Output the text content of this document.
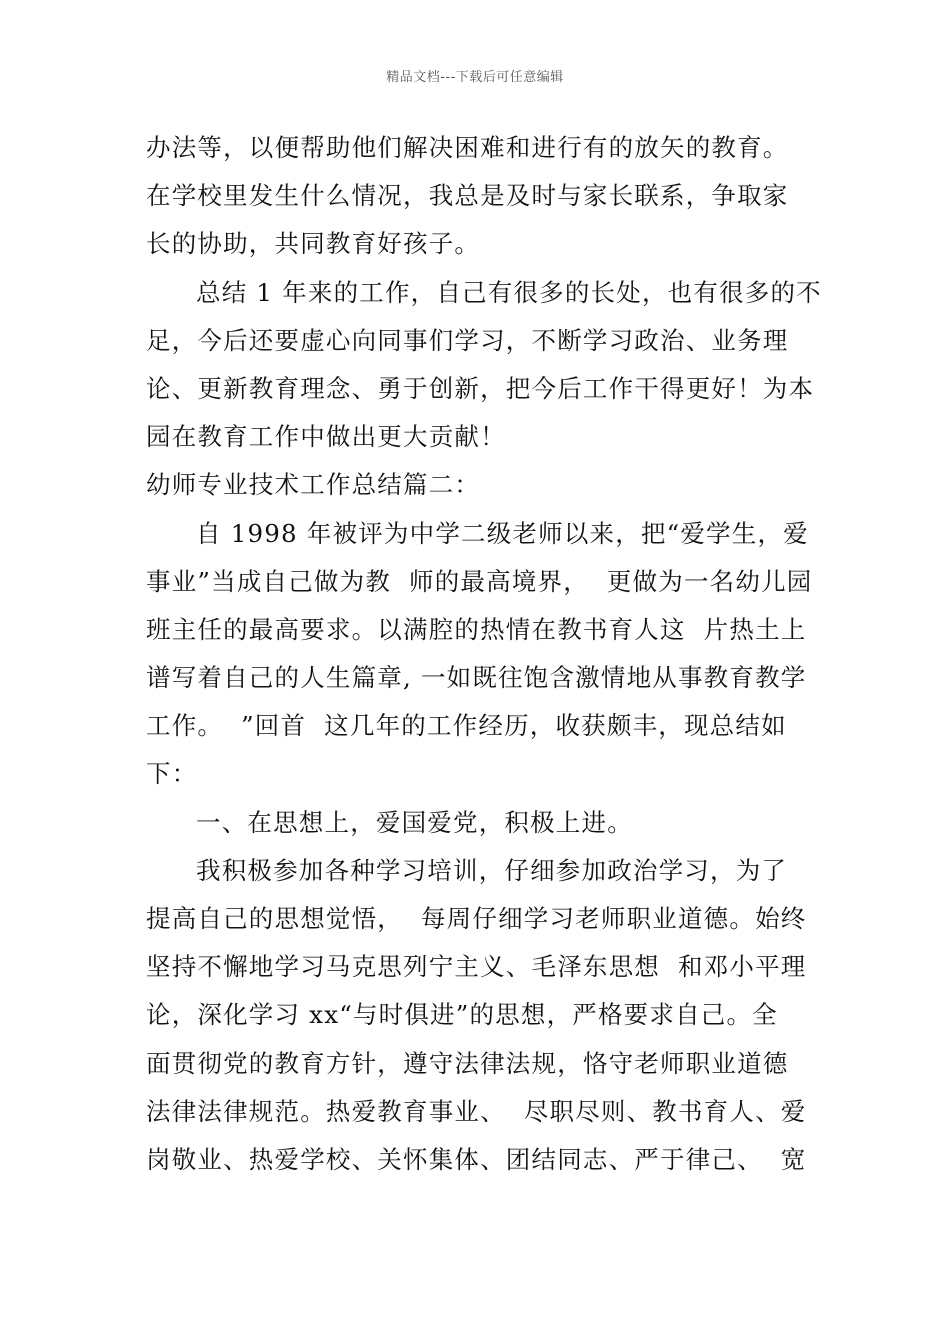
精品文档---下载后可任意编辑
办法等，以便帮助他们解决困难和进行有的放矢的教育。
在学校里发生什么情况，我总是及时与家长联系，争取家
长的协助，共同教育好孩子。
总结 1 年来的工作，自己有很多的长处，也有很多的不
足，今后还要虚心向同事们学习，不断学习政治、业务理
论、更新教育理念、勇于创新，把今后工作干得更好！为本
园在教育工作中做出更大贡献！
幼师专业技术工作总结篇二：
自 1998 年被评为中学二级老师以来，把“爱学生，爱
事业”当成自己做为教  师的最高境界，  更做为一名幼儿园
班主任的最高要求。以满腔的热情在教书育人这  片热土上
谱写着自己的人生篇章, 一如既往饱含激情地从事教育教学
工作。  ”回首  这几年的工作经历，收获颇丰，现总结如
下：
一、在思想上，爱国爱党，积极上进。
我积极参加各种学习培训，仔细参加政治学习，为了
提高自己的思想觉悟，  每周仔细学习老师职业道德。始终
坚持不懈地学习马克思列宁主义、毛泽东思想  和邓小平理
论，深化学习 xx“与时俱进”的思想，严格要求自己。全
面贯彻党的教育方针，遵守法律法规，恪守老师职业道德
法律法律规范。热爱教育事业、  尽职尽则、教书育人、爱
岗敬业、热爱学校、关怀集体、团结同志、严于律己、  宽
